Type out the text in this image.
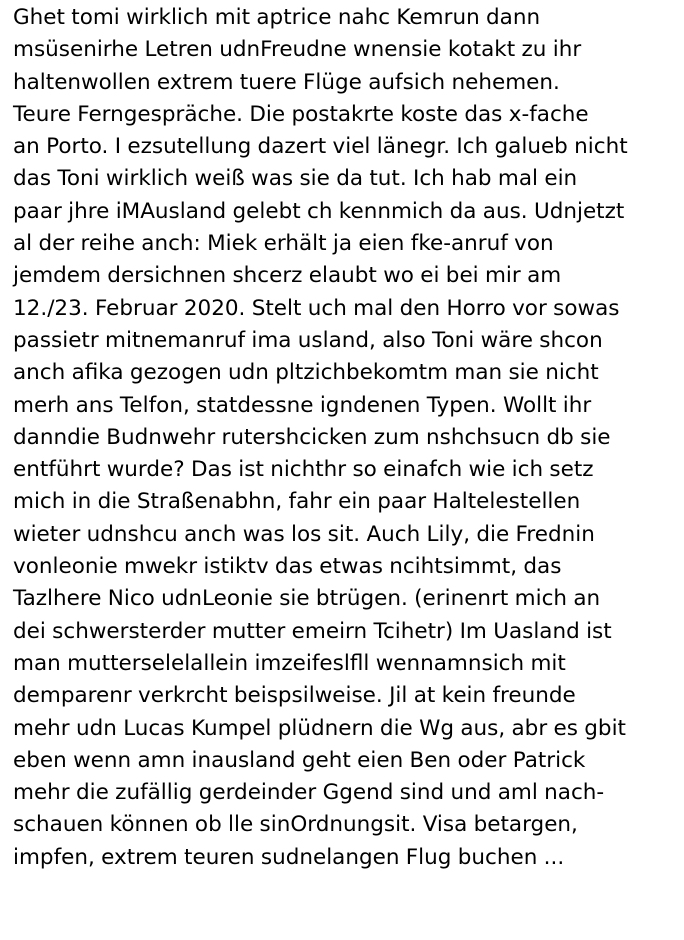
Ghet tomi wirklich mit aptrice nahc Kemrun dann
msüsenirhe Letren udnFreudne wnensie kotakt zu ihr
haltenwollen extrem tuere Flüge aufsich nehemen.
Teure Ferngespräche. Die postakrte koste das x-fache
an Porto. I ezsutellung dazert viel länegr. Ich galueb nicht
das Toni wirklich weiß was sie da tut. Ich hab mal ein
paar jhre iMAusland gelebt ch kennmich da aus. Udnjetzt
al der reihe anch: Miek erhält ja eien fke-anruf von
jemdem dersichnen shcerz elaubt wo ei bei mir am
12./23. Februar 2020. Stelt uch mal den Horro vor sowas
passietr mitnemanruf ima usland, also Toni wäre shcon
anch afika gezogen udn pltzichbekomtm man sie nicht
merh ans Telfon, statdessne igndenen Typen. Wollt ihr
danndie Budnwehr rutershcicken zum nshchsucn db sie
entführt wurde? Das ist nichthr so einafch wie ich setz
mich in die Straßenabhn, fahr ein paar Haltelestellen
wieter udnshcu anch was los sit. Auch Lily, die Frednin
vonleonie mwekr istiktv das etwas ncihtsimmt, das
Tazlhere Nico udnLeonie sie btrügen. (erinenrt mich an
dei schwersterder mutter emeirn Tcihetr) Im Uasland ist
man mutterselelallein imzeifeslfll wennamnsich mit
demparenr verkrcht beispsilweise. Jil at kein freunde
mehr udn Lucas Kumpel plüdnern die Wg aus, abr es gbit
eben wenn amn inausland geht eien Ben oder Patrick
mehr die zufällig gerdeinder Ggend sind und aml nach-
schauen können ob lle sinOrdnungsit. Visa betargen,
impfen, extrem teuren sudnelangen Flug buchen ...
